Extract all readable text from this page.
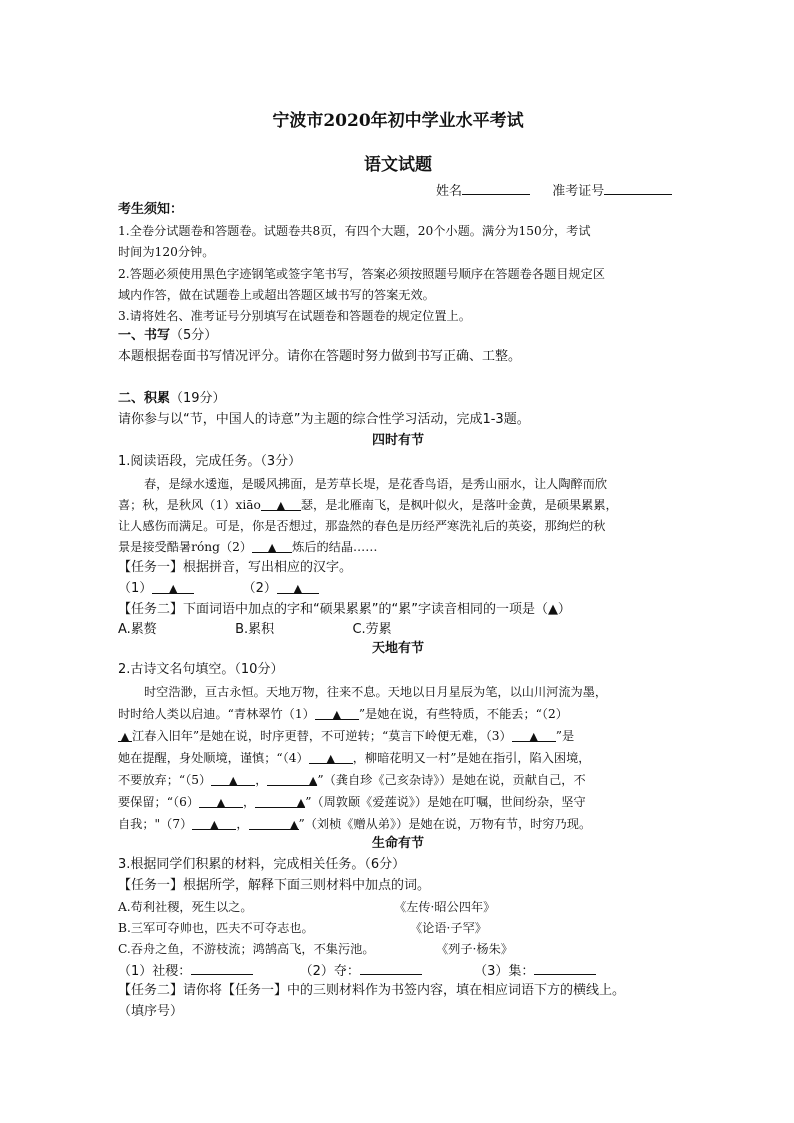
宁波市2020年初中学业水平考试
语文试题
姓名	准考证号
考生须知：
1.全卷分试题卷和答题卷。试题卷共8页，有四个大题，20个小题。满分为150分，考试
时间为120分钟。
2.答题必须使用黑色字迹钢笔或签字笔书写，答案必须按照题号顺序在答题卷各题目规定区
域内作答，做在试题卷上或超出答题区域书写的答案无效。
3.请将姓名、准考证号分别填写在试题卷和答题卷的规定位置上。
一、书写（5分）
本题根据卷面书写情况评分。请你在答题时努力做到书写正确、工整。
二、积累（19分）
请你参与以“节，中国人的诗意”为主题的综合性学习活动，完成1-3题。
四时有节
1.阅读语段，完成任务。（3分）
春，是绿水逶迤，是暖风拂面，是芳草长堤，是花香鸟语，是秀山丽水，让人陶醉而欣
喜；秋，是秋风（1）xiāo ▲ 瑟，是北雁南飞，是枫叶似火，是落叶金黄，是硕果累累，
让人感伤而满足。可是，你是否想过，那盎然的春色是历经严寒洗礼后的英姿，那绚烂的秋
景是接受酷暑róng（2） ▲ 炼后的结晶……
【任务一】根据拼音，写出相应的汉字。
（1） ▲	（2） ▲
【任务二】下面词语中加点的字和“硕果累累”的“累”字读音相同的一项是（▲）
A.累赘	B.累积	C.劳累
天地有节
2.古诗文名句填空。（10分）
时空浩渺，亘古永恒。天地万物，往来不息。天地以日月星辰为笔，以山川河流为墨，
时时给人类以启迪。“青林翠竹（1） ▲ ”是她在说，有些特质，不能丢；“（2）
▲ 江春入旧年”是她在说，时序更替，不可逆转；“莫言下岭便无难，（3） ▲ ”是
她在提醒，身处顺境，谨慎；“（4） ▲ ，柳暗花明又一村”是她在指引，陷入困境，
不要放弃；“（5） ▲ ，	▲”（龚自珍《己亥杂诗》）是她在说，贡献自己，不
要保留；“（6） ▲ ，	▲”（周敦颐《爱莲说》）是她在叮嘱，世间纷杂，坚守
自我；"（7） ▲ ，	▲”（刘桢《赠从弟》）是她在说，万物有节，时穷乃现。
生命有节
3.根据同学们积累的材料，完成相关任务。（6分）
【任务一】根据所学，解释下面三则材料中加点的词。
A.苟利社稷，死生以之。	《左传·昭公四年》
B.三军可夺帅也，匹夫不可夺志也。	《论语·子罕》
C.吞舟之鱼，不游枝流；鸿鹄高飞，不集污池。	《列子·杨朱》
（1）社稷：	（2）夺：	（3）集：
【任务二】请你将【任务一】中的三则材料作为书签内容，填在相应词语下方的横线上。
（填序号）
